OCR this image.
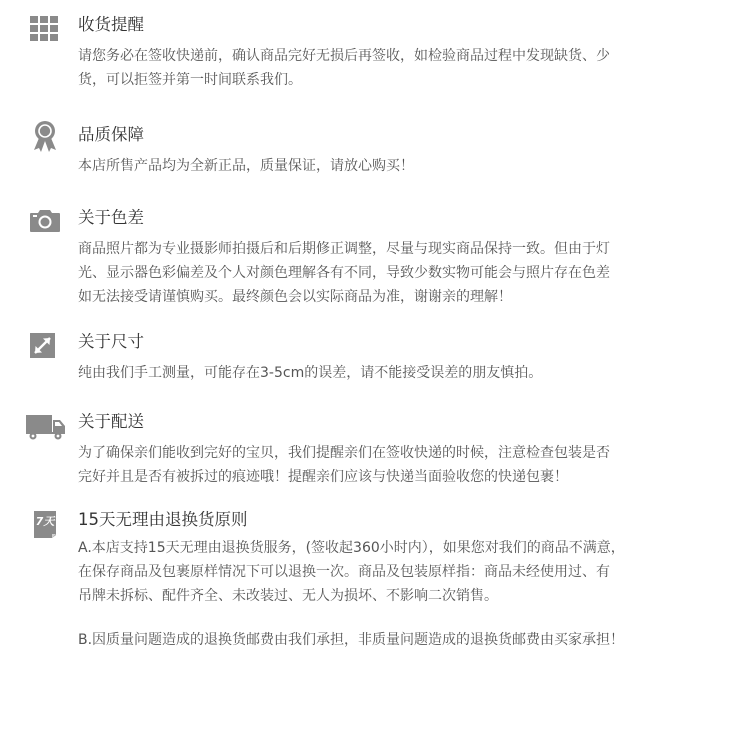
收货提醒

请您务必在签收快递前，确认商品完好无损后再签收，如检验商品过程中发现缺货、少

货，可以拒签并第一时间联系我们。

品质保障

本店所售产品均为全新正品，质量保证，请放心购买！

关于色差

商品照片都为专业摄影师拍摄后和后期修正调整，尽量与现实商品保持一致。但由于灯

光、显示器色彩偏差及个人对颜色理解各有不同，导致少数实物可能会与照片存在色差

如无法接受请谨慎购买。最终颜色会以实际商品为准，谢谢亲的理解！

关于尺寸

纯由我们手工测量，可能存在3-5cm的误差，请不能接受误差的朋友慎拍。

关于配送

为了确保亲们能收到完好的宝贝，我们提醒亲们在签收快递的时候，注意检查包装是否

完好并且是否有被拆过的痕迹哦！提醒亲们应该与快递当面验收您的快递包裹！

7天 15天无理由退换货原则

A.本店支持15天无理由退换货服务，(签收起360小时内），如果您对我们的商品不满意，

在保存商品及包裹原样情况下可以退换一次。商品及包装原样指：商品未经使用过、有

吊牌未拆标、配件齐全、未改装过、无人为损坏、不影响二次销售。

B.因质量问题造成的退换货邮费由我们承担，非质量问题造成的退换货邮费由买家承担！
